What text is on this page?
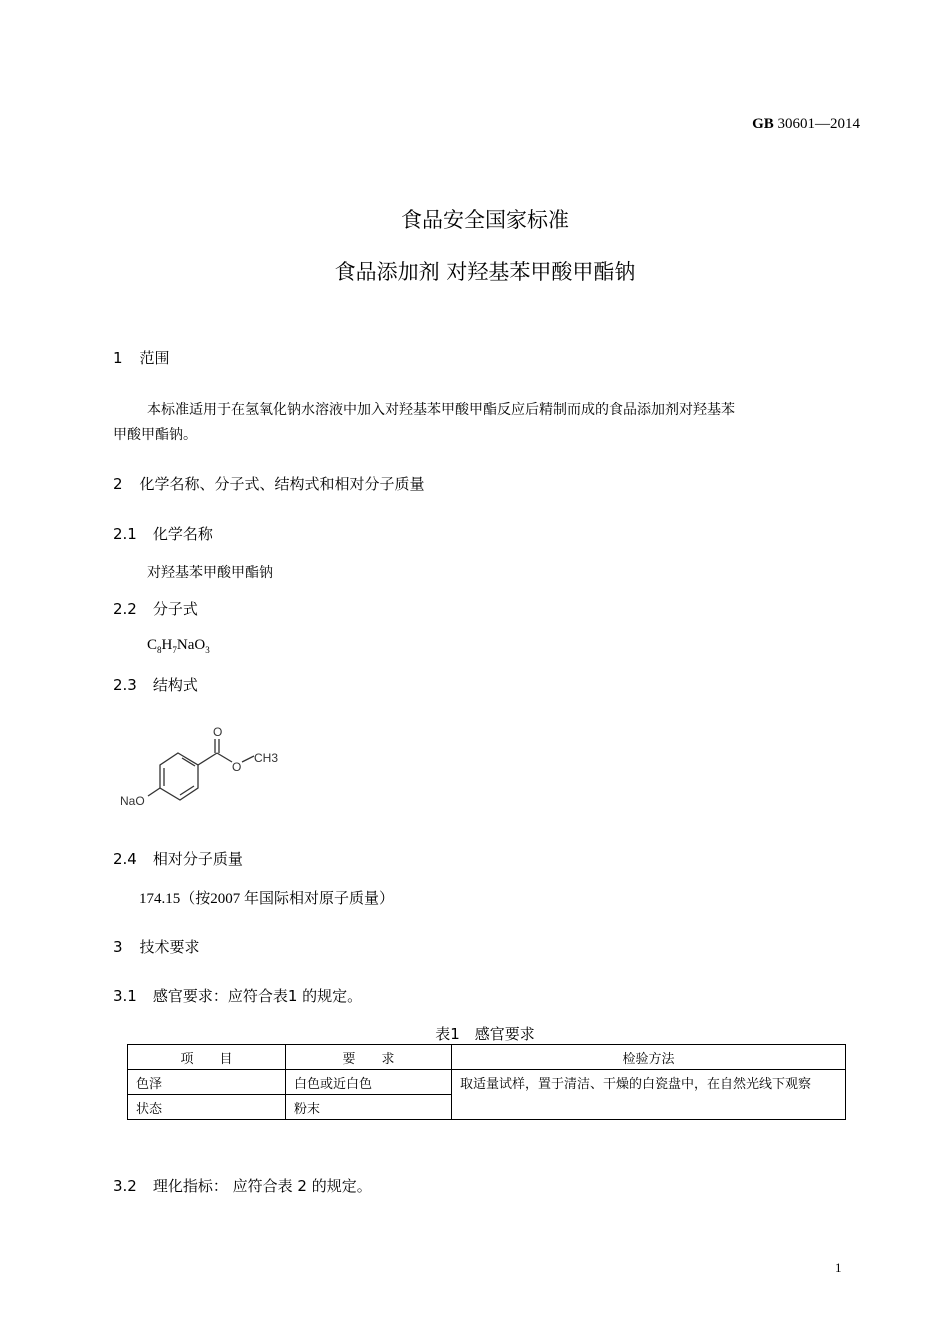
GB 30601—2014
食品安全国家标准
食品添加剂 对羟基苯甲酸甲酯钠
1 范围
本标准适用于在氢氧化钠水溶液中加入对羟基苯甲酸甲酯反应后精制而成的食品添加剂对羟基苯
甲酸甲酯钠。
2 化学名称、分子式、结构式和相对分子质量
2.1 化学名称
对羟基苯甲酸甲酯钠
2.2 分子式
$C_8H_7NaO_3$
2.3 结构式
O
O
CH3
NaO
2.4 相对分子质量
174.15（按2007 年国际相对原子质量）
3 技术要求
3.1 感官要求：应符合表1 的规定。
表1　感官要求
项　　目	要　　求	检验方法
色泽	白色或近白色	取适量试样，置于清洁、干燥的白瓷盘中，在自然光线下观察
状态	粉末	
3.2 理化指标： 应符合表 2 的规定。
1
